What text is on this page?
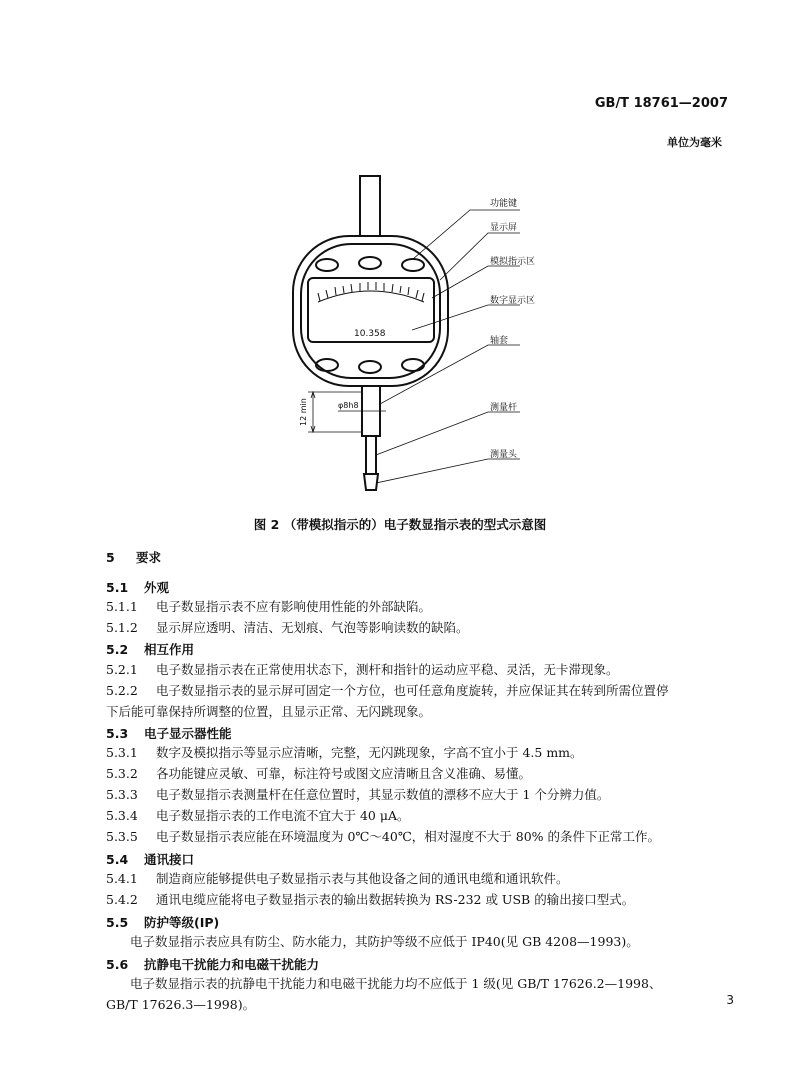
GB/T 18761—2007
单位为毫米
10.358
12 min	φ8h8
功能键
显示屏
模拟指示区
数字显示区
轴套
测量杆
测量头
图 2 （带模拟指示的）电子数显指示表的型式示意图
5 要求
5.1 外观
5.1.1 电子数显指示表不应有影响使用性能的外部缺陷。
5.1.2 显示屏应透明、清洁、无划痕、气泡等影响读数的缺陷。
5.2 相互作用
5.2.1 电子数显指示表在正常使用状态下，测杆和指针的运动应平稳、灵活，无卡滞现象。
5.2.2 电子数显指示表的显示屏可固定一个方位，也可任意角度旋转，并应保证其在转到所需位置停
下后能可靠保持所调整的位置，且显示正常、无闪跳现象。
5.3 电子显示器性能
5.3.1 数字及模拟指示等显示应清晰，完整，无闪跳现象，字高不宜小于 4.5 mm。
5.3.2 各功能键应灵敏、可靠，标注符号或图文应清晰且含义准确、易懂。
5.3.3 电子数显指示表测量杆在任意位置时，其显示数值的漂移不应大于 1 个分辨力值。
5.3.4 电子数显指示表的工作电流不宜大于 40 μA。
5.3.5 电子数显指示表应能在环境温度为 0℃～40℃，相对湿度不大于 80% 的条件下正常工作。
5.4 通讯接口
5.4.1 制造商应能够提供电子数显指示表与其他设备之间的通讯电缆和通讯软件。
5.4.2 通讯电缆应能将电子数显指示表的输出数据转换为 RS-232 或 USB 的输出接口型式。
5.5 防护等级(IP)
电子数显指示表应具有防尘、防水能力，其防护等级不应低于 IP40(见 GB 4208—1993)。
5.6 抗静电干扰能力和电磁干扰能力
电子数显指示表的抗静电干扰能力和电磁干扰能力均不应低于 1 级(见 GB/T 17626.2—1998、
GB/T 17626.3—1998)。	3
